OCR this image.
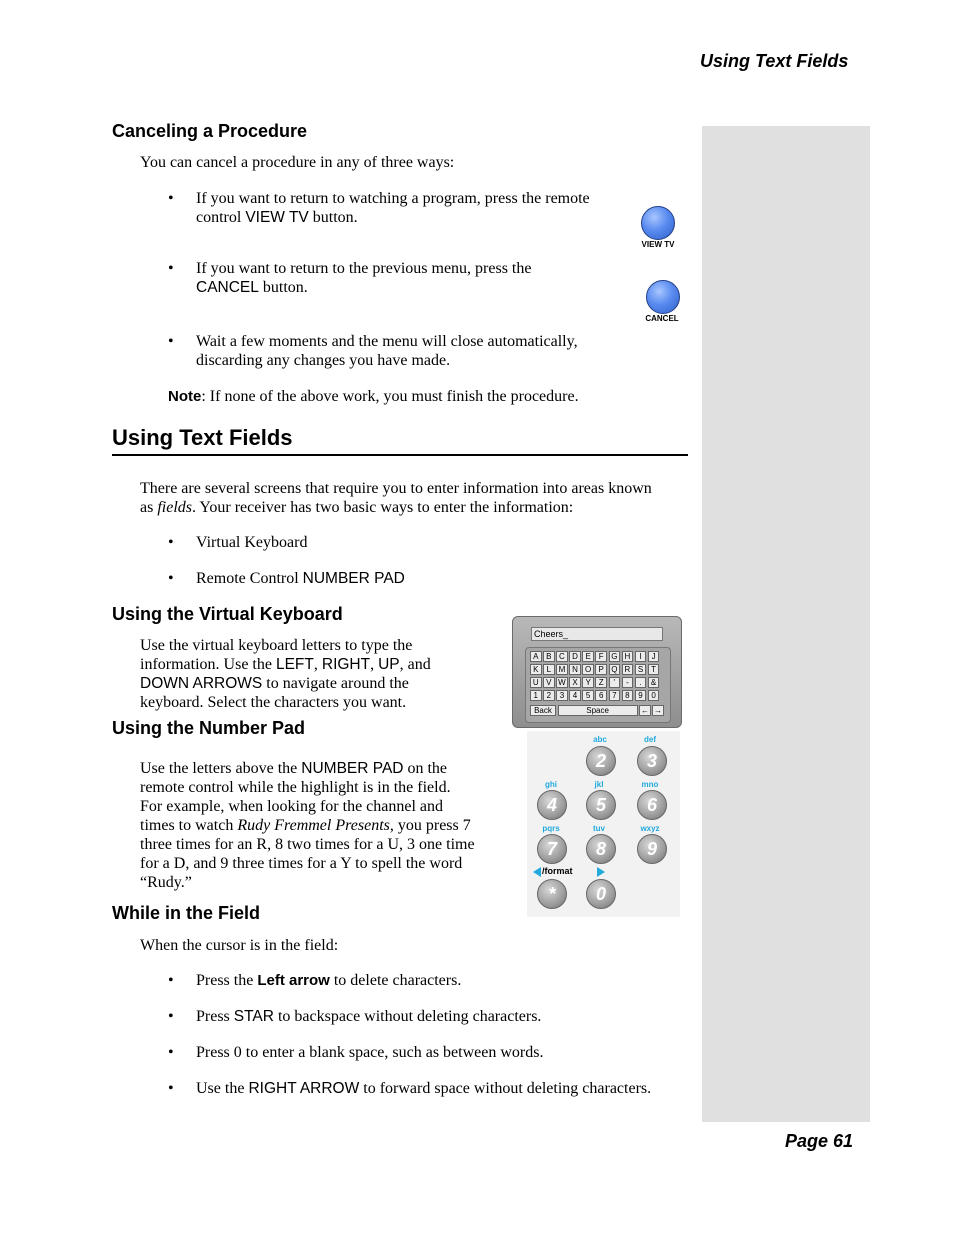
Using Text Fields
Canceling a Procedure
You can cancel a procedure in any of three ways:
• If you want to return to watching a program, press the remote
control VIEW TV button.
VIEW TV
• If you want to return to the previous menu, press the
CANCEL button.
CANCEL
• Wait a few moments and the menu will close automatically,
discarding any changes you have made.
Note: If none of the above work, you must finish the procedure.
Using Text Fields
There are several screens that require you to enter information into areas known
as fields. Your receiver has two basic ways to enter the information:
• Virtual Keyboard
• Remote Control NUMBER PAD
Using the Virtual Keyboard
Use the virtual keyboard letters to type the
information. Use the LEFT, RIGHT, UP, and
DOWN ARROWS to navigate around the
keyboard. Select the characters you want.
Cheers_
A B C D E F G H	I	J
K	L M N O P Q R S T
U V W X Y Z	'	-	.	&
1	2	3	4	5	6	7	8	9	0
Back	Space	← →
Using the Number Pad
Use the letters above the NUMBER PAD on the
remote control while the highlight is in the field.
For example, when looking for the channel and
times to watch Rudy Fremmel Presents, you press 7
three times for an R, 8 two times for a U, 3 one time
for a D, and 9 three times for a Y to spell the word
“Rudy.”
abc	def
2	3
ghi	jkl	mno
4	5	6
pqrs	tuv	wxyz
7	8	9
/format
*	0
While in the Field
When the cursor is in the field:
• Press the Left arrow to delete characters.
• Press STAR to backspace without deleting characters.
• Press 0 to enter a blank space, such as between words.
• Use the RIGHT ARROW to forward space without deleting characters.
Page 61
